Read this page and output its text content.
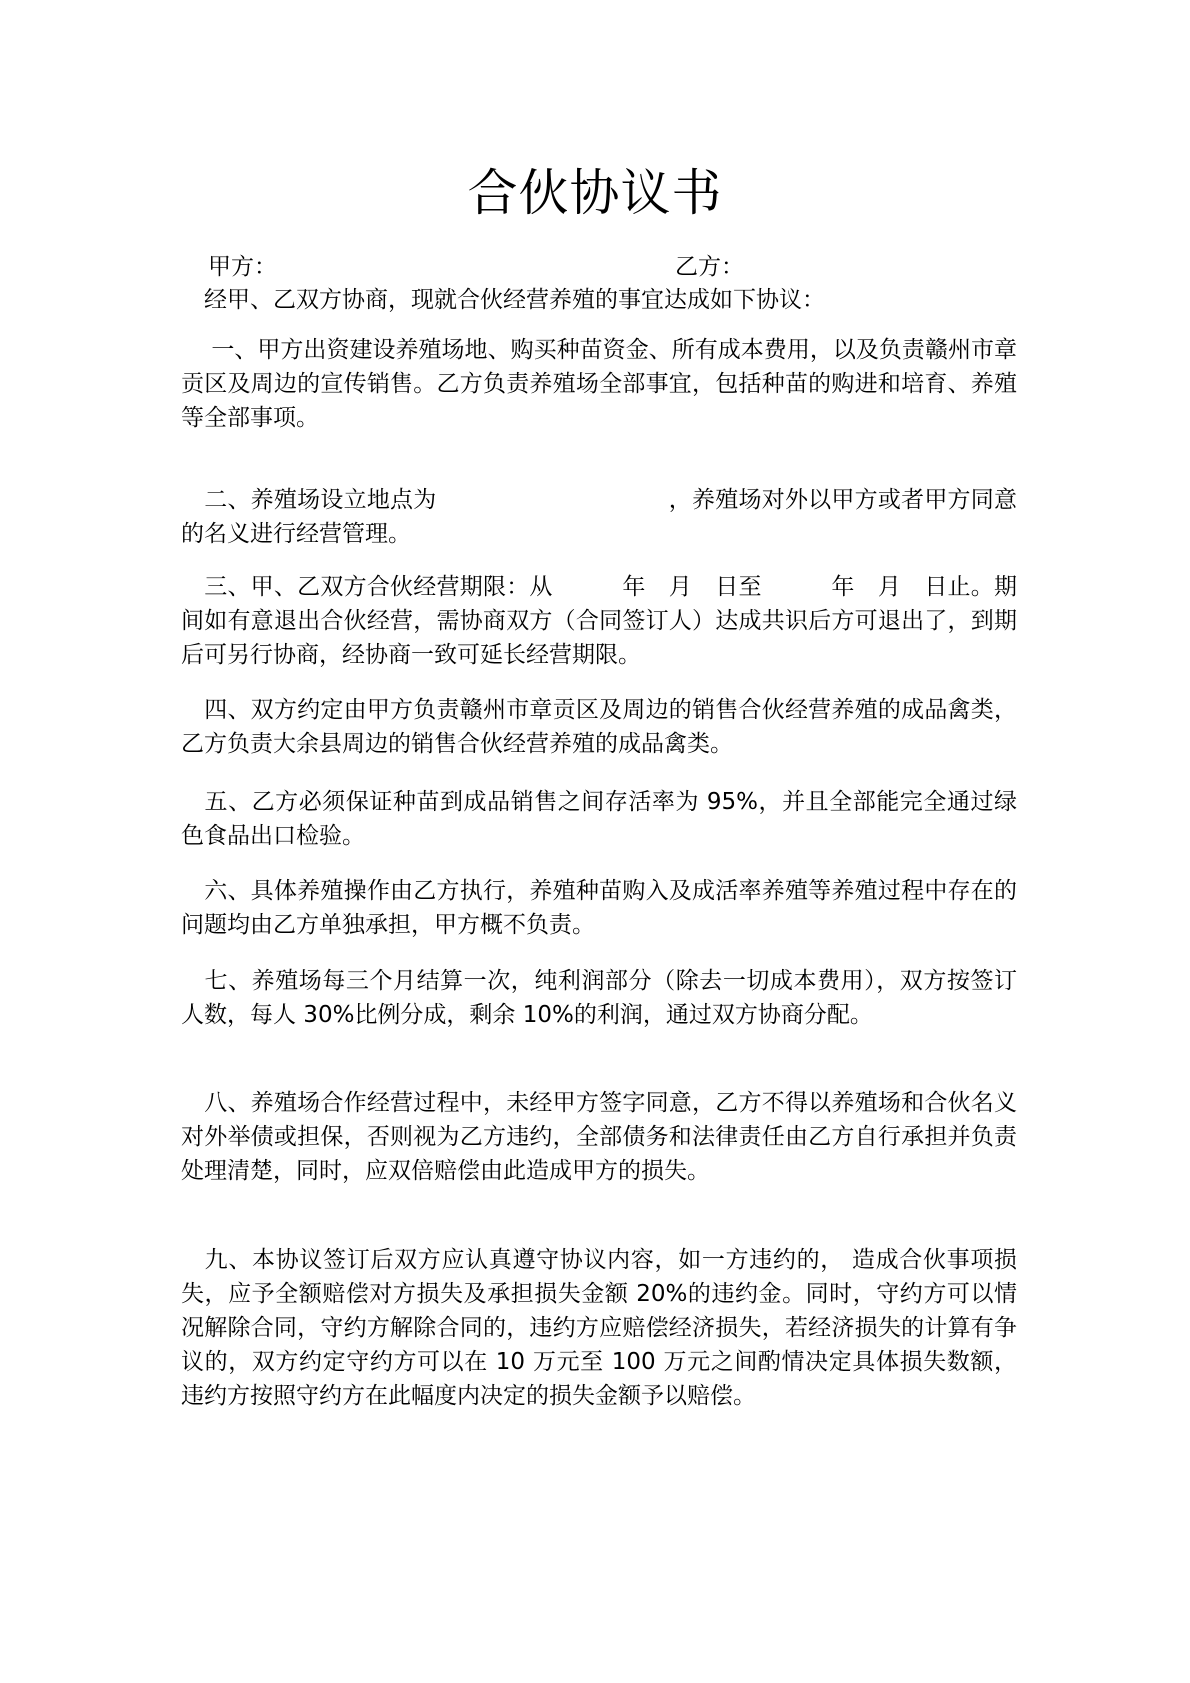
合伙协议书
甲方：	乙方：

　经甲、乙双方协商，现就合伙经营养殖的事宜达成如下协议：

　 一、甲方出资建设养殖场地、购买种苗资金、所有成本费用，以及负责赣州市章贡区及周边的宣传销售。乙方负责养殖场全部事宜，包括种苗的购进和培育、养殖等全部事项。

　二、养殖场设立地点为　　　　　　　　　　，养殖场对外以甲方或者甲方同意的名义进行经营管理。

　三、甲、乙双方合伙经营期限：从　　　年　月　日至　　　年　月　日止。期间如有意退出合伙经营，需协商双方（合同签订人）达成共识后方可退出了，到期后可另行协商，经协商一致可延长经营期限。

　四、双方约定由甲方负责赣州市章贡区及周边的销售合伙经营养殖的成品禽类，乙方负责大余县周边的销售合伙经营养殖的成品禽类。

　五、乙方必须保证种苗到成品销售之间存活率为 95%，并且全部能完全通过绿色食品出口检验。

　六、具体养殖操作由乙方执行，养殖种苗购入及成活率养殖等养殖过程中存在的问题均由乙方单独承担，甲方概不负责。

　七、养殖场每三个月结算一次，纯利润部分（除去一切成本费用），双方按签订人数，每人 30%比例分成，剩余 10%的利润，通过双方协商分配。

　八、养殖场合作经营过程中，未经甲方签字同意，乙方不得以养殖场和合伙名义对外举债或担保，否则视为乙方违约，全部债务和法律责任由乙方自行承担并负责处理清楚，同时，应双倍赔偿由此造成甲方的损失。

　九、本协议签订后双方应认真遵守协议内容，如一方违约的， 造成合伙事项损失，应予全额赔偿对方损失及承担损失金额 20%的违约金。同时，守约方可以情况解除合同，守约方解除合同的，违约方应赔偿经济损失，若经济损失的计算有争议的，双方约定守约方可以在 10 万元至 100 万元之间酌情决定具体损失数额，违约方按照守约方在此幅度内决定的损失金额予以赔偿。
